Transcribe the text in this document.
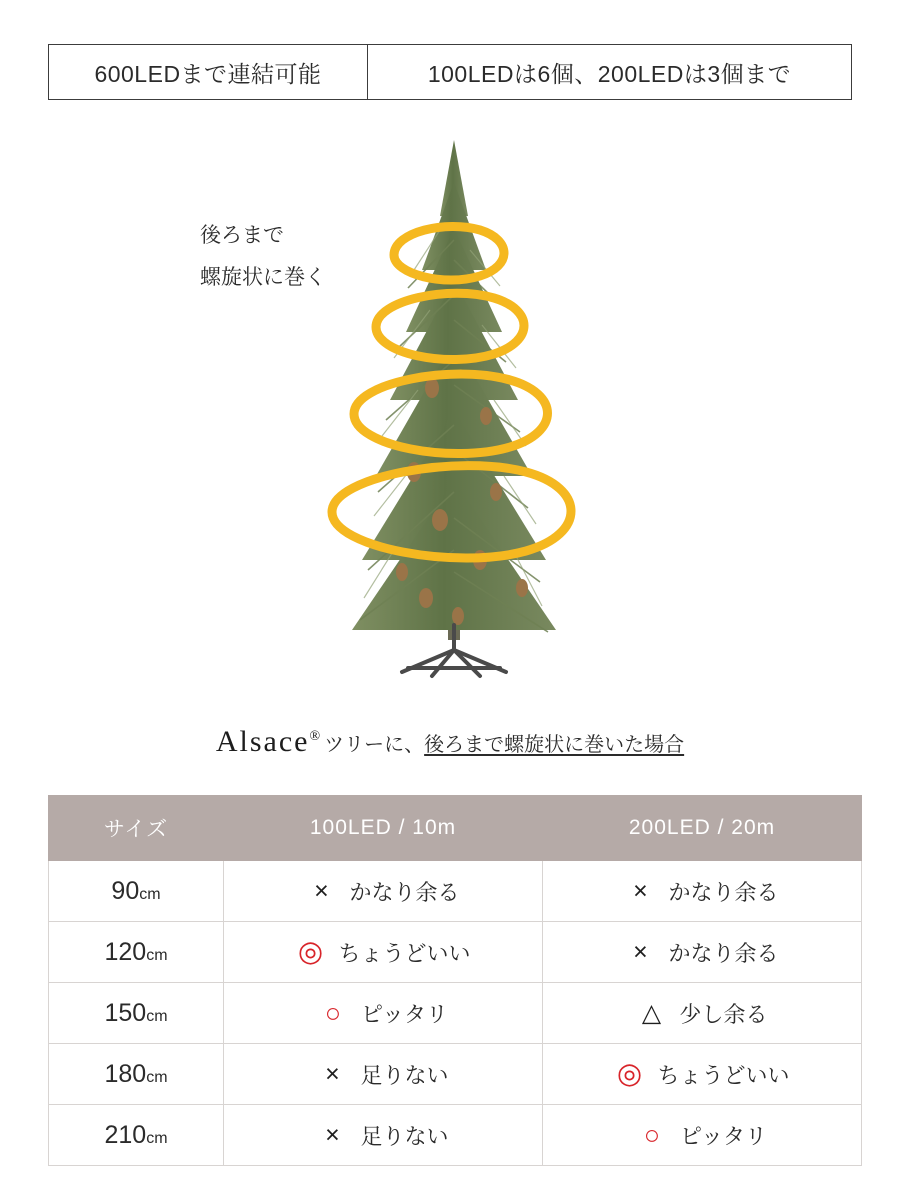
600LEDまで連結可能	100LEDは6個、200LEDは3個まで
後ろまで
螺旋状に巻く
Alsace® ツリーに、後ろまで螺旋状に巻いた場合
サイズ	100LED / 10m	200LED / 20m
90cm	× かなり余る	× かなり余る

120cm	◎ ちょうどいい	× かなり余る

150cm	○ ピッタリ	△ 少し余る

180cm	× 足りない	◎ ちょうどいい

210cm	× 足りない	○ ピッタリ
